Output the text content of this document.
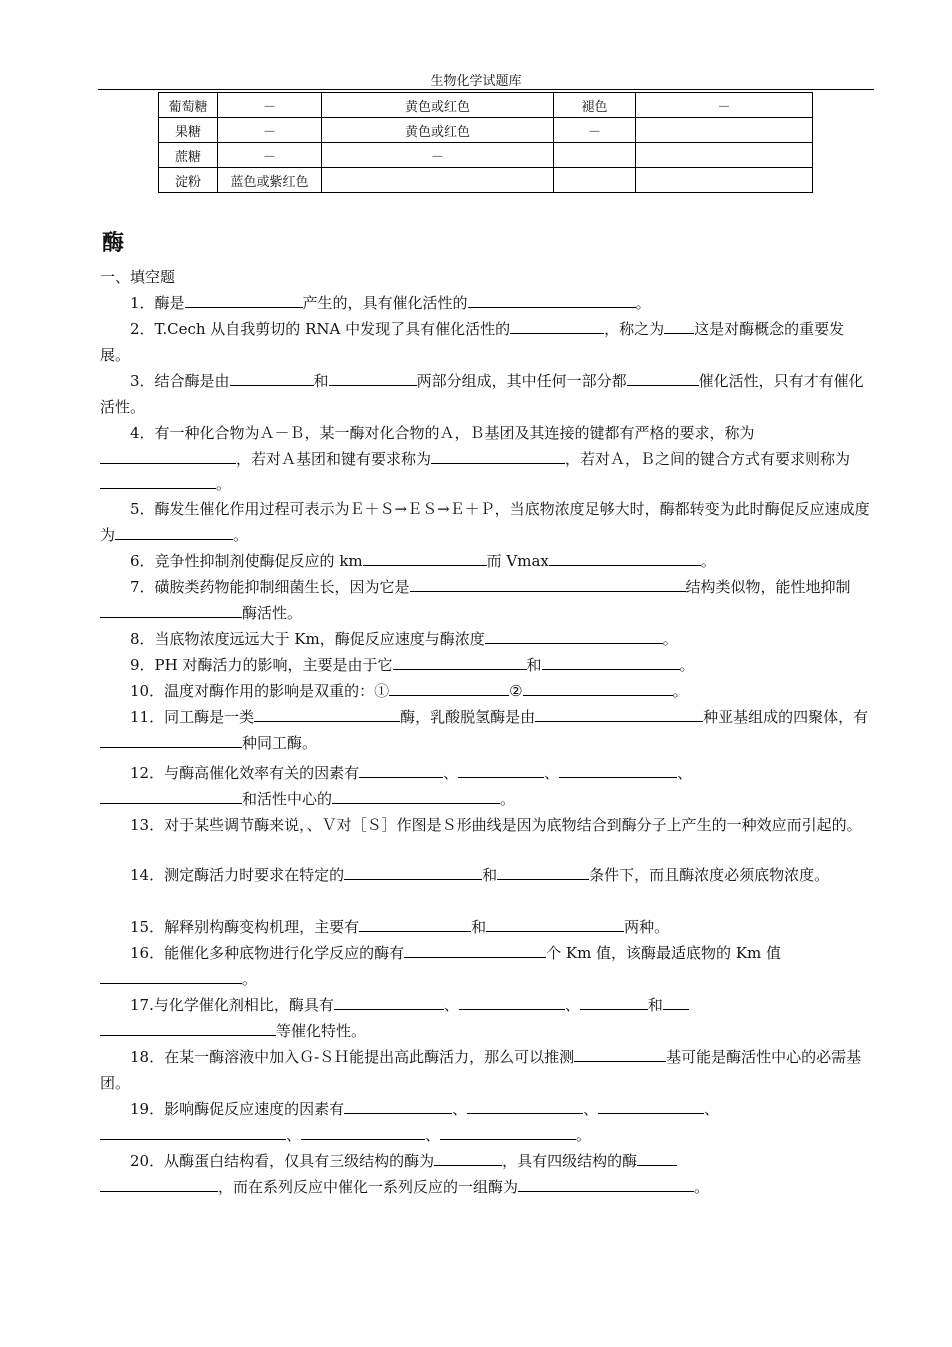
生物化学试题库
葡萄糖	－	黄色或红色	褪色	－
果糖	－	黄色或红色	－	
蔗糖	－	－		
淀粉	蓝色或紫红色			
酶
一、填空题

1．酶是	产生的，具有催化活性的	。

2．T.Cech 从自我剪切的 RNA 中发现了具有催化活性的	，称之为 这是对酶概念的重要发展。

3．结合酶是由	和	两部分组成，其中任何一部分都	催化活性，只有才有催化活性。

4．有一种化合物为Ａ－Ｂ，某一酶对化合物的Ａ，Ｂ基团及其连接的键都有严格的要求，称为，若对Ａ基团和键有要求称为	，若对Ａ，Ｂ之间的键合方式有要求则称为。

5．酶发生催化作用过程可表示为Ｅ＋Ｓ→ＥＳ→Ｅ＋Ｐ，当底物浓度足够大时，酶都转变为此时酶促反应速成度为	。

6．竞争性抑制剂使酶促反应的 km	而 Vmax	。

7．磺胺类药物能抑制细菌生长，因为它是	结构类似物，能性地抑制酶活性。

8．当底物浓度远远大于 Km，酶促反应速度与酶浓度	。

9．PH 对酶活力的影响，主要是由于它	和	。

10．温度对酶作用的影响是双重的：①	②	。

11．同工酶是一类	酶，乳酸脱氢酶是由	种亚基组成的四聚体，有种同工酶。

12．与酶高催化效率有关的因素有	、	、	、
和活性中心的	。

13．对于某些调节酶来说，、Ｖ对［Ｓ］作图是Ｓ形曲线是因为底物结合到酶分子上产生的一种效应而引起的。

14．测定酶活力时要求在特定的	和	条件下，而且酶浓度必须底物浓度。

15．解释别构酶变构机理，主要有	和	两种。

16．能催化多种底物进行化学反应的酶有	个 Km 值，该酶最适底物的 Km 值。

17.与化学催化剂相比，酶具有	、	、	和
等催化特性。

18．在某一酶溶液中加入Ｇ-ＳＨ能提出高此酶活力，那么可以推测	基可能是酶活性中心的必需基团。

19．影响酶促反应速度的因素有	、	、	、
、	、	。

20．从酶蛋白结构看，仅具有三级结构的酶为	，具有四级结构的酶
，而在系列反应中催化一系列反应的一组酶为	。
